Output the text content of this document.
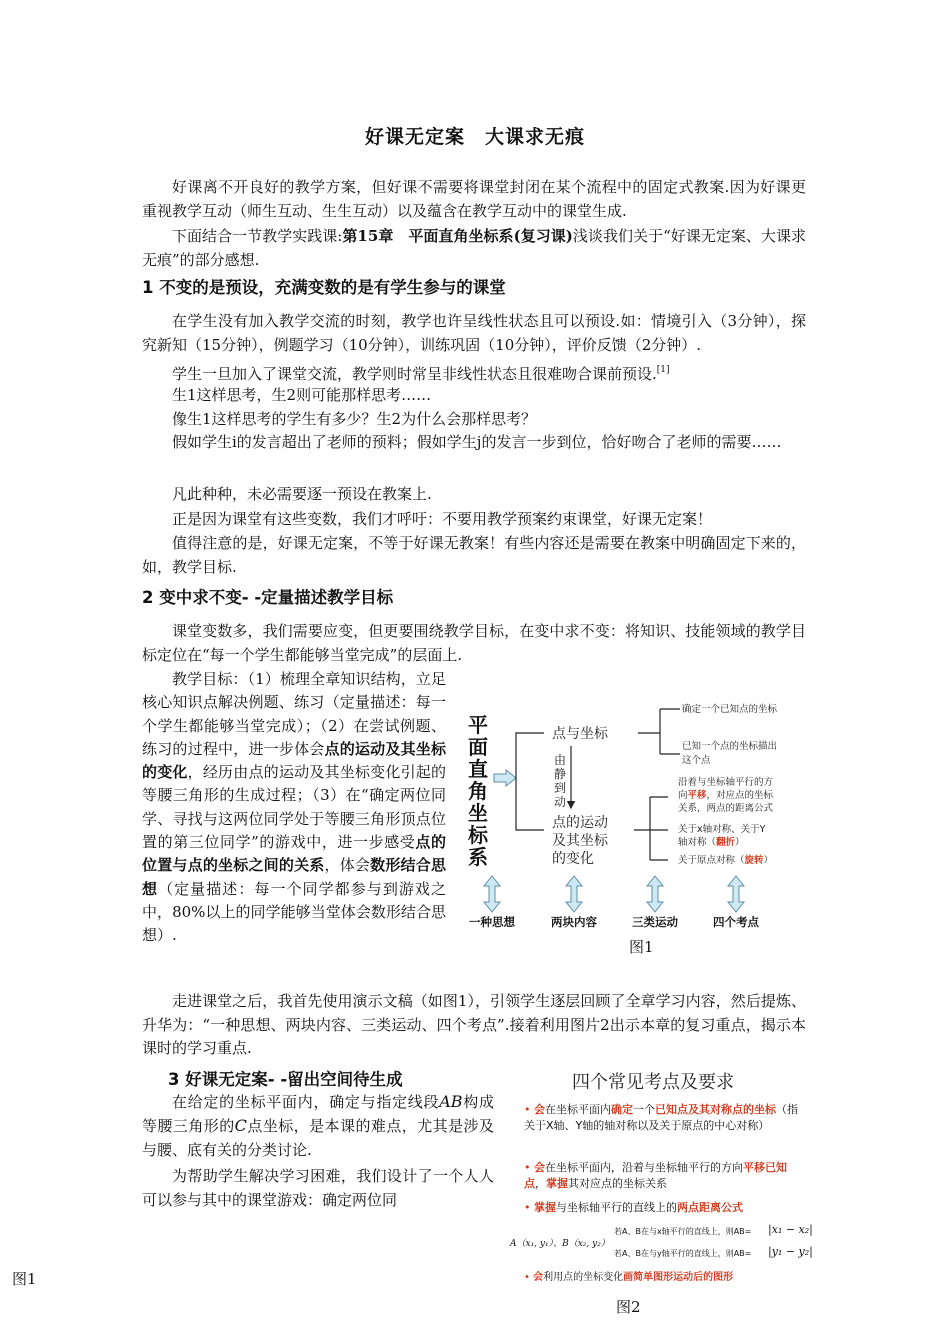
好课无定案　大课求无痕
好课离不开良好的教学方案，但好课不需要将课堂封闭在某个流程中的固定式教案.因为好课更重视教学互动（师生互动、生生互动）以及蕴含在教学互动中的课堂生成.
下面结合一节教学实践课:第15章　平面直角坐标系(复习课)浅谈我们关于“好课无定案、大课求无痕”的部分感想.
1 不变的是预设，充满变数的是有学生参与的课堂
在学生没有加入教学交流的时刻，教学也许呈线性状态且可以预设.如：情境引入（3分钟），探究新知（15分钟），例题学习（10分钟），训练巩固（10分钟），评价反馈（2分钟）.
学生一旦加入了课堂交流，教学则时常呈非线性状态且很难吻合课前预设.[1]
生1这样思考，生2则可能那样思考……
像生1这样思考的学生有多少？生2为什么会那样思考？
假如学生i的发言超出了老师的预料；假如学生j的发言一步到位，恰好吻合了老师的需要……
凡此种种，未必需要逐一预设在教案上.
正是因为课堂有这些变数，我们才呼吁：不要用教学预案约束课堂，好课无定案！
值得注意的是，好课无定案，不等于好课无教案！有些内容还是需要在教案中明确固定下来的，如，教学目标.
2 变中求不变- -定量描述教学目标
课堂变数多，我们需要应变，但更要围绕教学目标，在变中求不变：将知识、技能领域的教学目标定位在“每一个学生都能够当堂完成”的层面上.
教学目标：（1）梳理全章知识结构，立足核心知识点解决例题、练习（定量描述：每一个学生都能够当堂完成）；（2）在尝试例题、练习的过程中，进一步体会点的运动及其坐标的变化，经历由点的运动及其坐标变化引起的等腰三角形的生成过程；（3）在“确定两位同学、寻找与这两位同学处于等腰三角形顶点位置的第三位同学”的游戏中，进一步感受点的位置与点的坐标之间的关系，体会数形结合思想（定量描述：每一个同学都参与到游戏之中，80%以上的同学能够当堂体会数形结合思想）.
平
面
直
角
坐
标
系
点与坐标
点的运动
及其坐标
的变化
由
静
到
动
确定一个已知点的坐标
已知一个点的坐标描出
这个点
沿着与坐标轴平行的方
向平移，对应点的坐标
关系，两点的距离公式
关于x轴对称、关于Y
轴对称（翻折）
关于原点对称（旋转）
一种思想	两块内容	三类运动	四个考点
图1
走进课堂之后，我首先使用演示文稿（如图1），引领学生逐层回顾了全章学习内容，然后提炼、升华为：“一种思想、两块内容、三类运动、四个考点”.接着利用图片2出示本章的复习重点，揭示本课时的学习重点.
3 好课无定案- -留出空间待生成
在给定的坐标平面内，确定与指定线段AB构成等腰三角形的C点坐标，是本课的难点，尤其是涉及与腰、底有关的分类讨论.
为帮助学生解决学习困难，我们设计了一个人人可以参与其中的课堂游戏：确定两位同
图1
四个常见考点及要求
• 会在坐标平面内确定一个已知点及其对称点的坐标（指关于X轴、Y轴的轴对称以及关于原点的中心对称）
• 会在坐标平面内，沿着与坐标轴平行的方向平移已知点，掌握其对应点的坐标关系
• 掌握与坐标轴平行的直线上的两点距离公式
A（x₁, y₁）、B（x₂, y₂）
若A、B在与x轴平行的直线上，则AB= |x₁ − x₂|
若A、B在与y轴平行的直线上，则AB= |y₁ − y₂|
• 会利用点的坐标变化画简单图形运动后的图形
图2
